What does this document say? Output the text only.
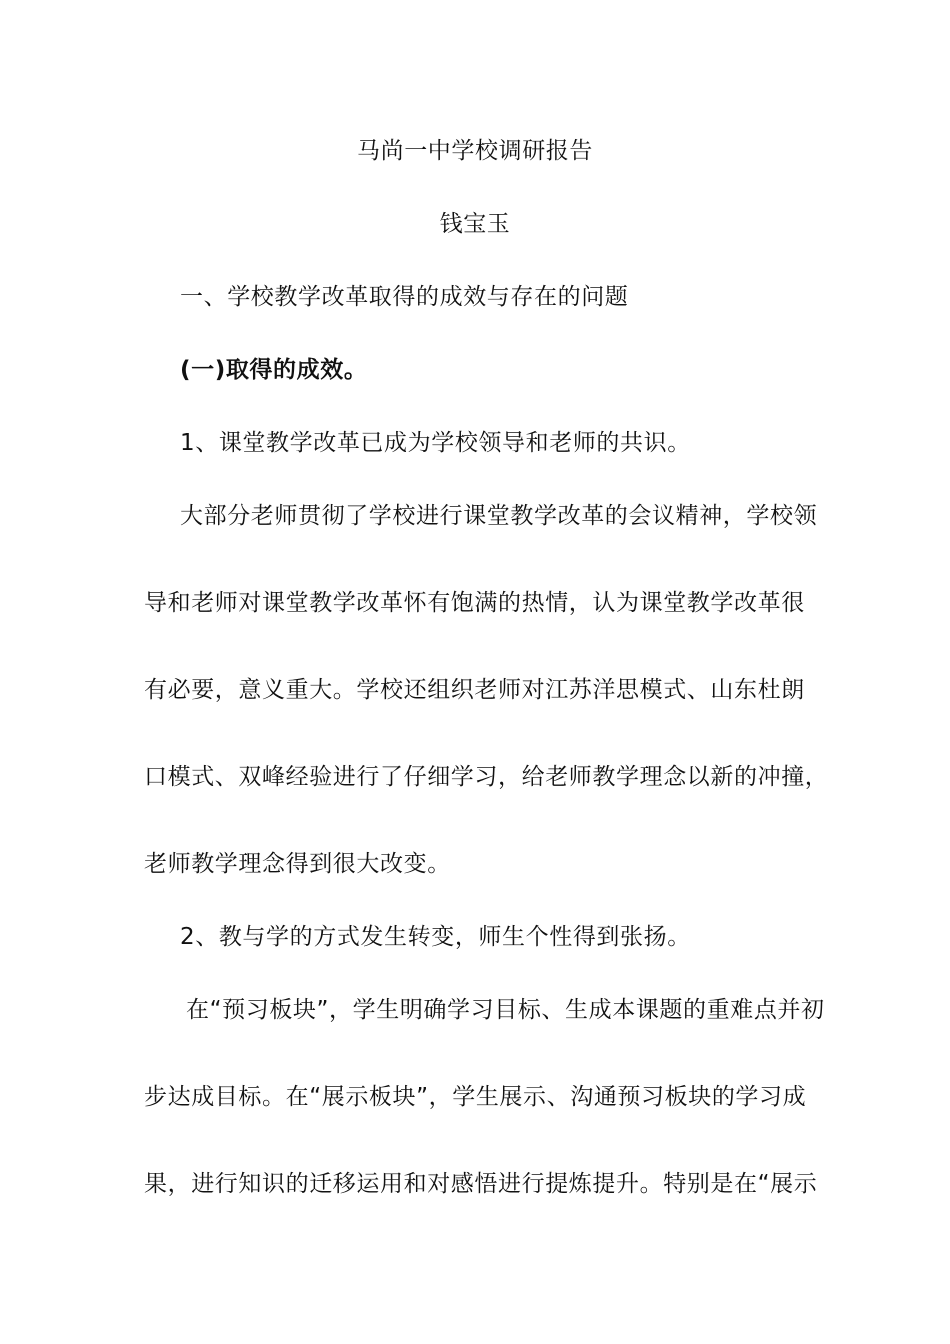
马尚一中学校调研报告
钱宝玉
一、学校教学改革取得的成效与存在的问题
(一)取得的成效。
1、课堂教学改革已成为学校领导和老师的共识。
大部分老师贯彻了学校进行课堂教学改革的会议精神，学校领
导和老师对课堂教学改革怀有饱满的热情，认为课堂教学改革很
有必要，意义重大。学校还组织老师对江苏洋思模式、山东杜朗
口模式、双峰经验进行了仔细学习，给老师教学理念以新的冲撞，
老师教学理念得到很大改变。
2、教与学的方式发生转变，师生个性得到张扬。
在“预习板块”，学生明确学习目标、生成本课题的重难点并初
步达成目标。在“展示板块”，学生展示、沟通预习板块的学习成
果，进行知识的迁移运用和对感悟进行提炼提升。特别是在“展示
